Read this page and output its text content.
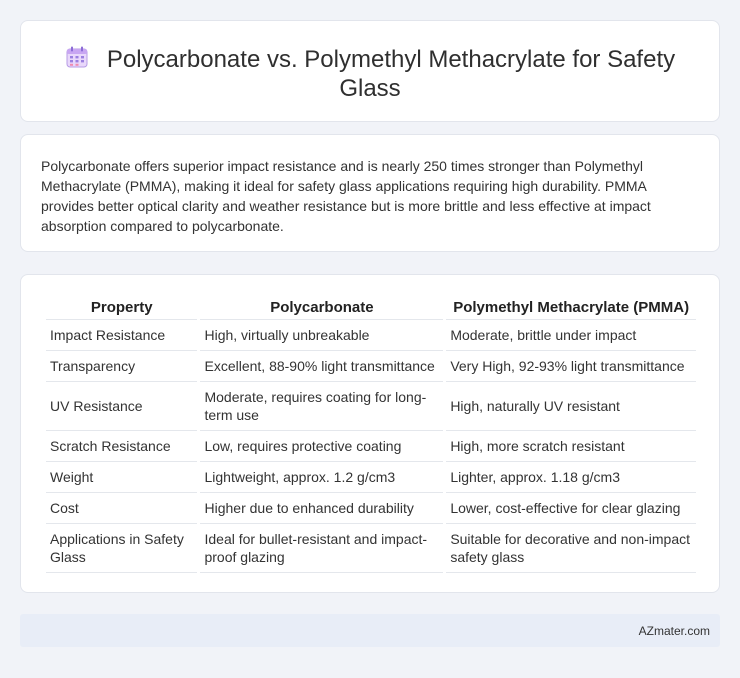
Polycarbonate vs. Polymethyl Methacrylate for Safety Glass

Polycarbonate offers superior impact resistance and is nearly 250 times stronger than Polymethyl Methacrylate (PMMA), making it ideal for safety glass applications requiring high durability. PMMA provides better optical clarity and weather resistance but is more brittle and less effective at impact absorption compared to polycarbonate.

Property	Polycarbonate	Polymethyl Methacrylate (PMMA)
Impact Resistance	High, virtually unbreakable	Moderate, brittle under impact
Transparency	Excellent, 88-90% light transmittance	Very High, 92-93% light transmittance
UV Resistance	Moderate, requires coating for long-term use	High, naturally UV resistant
Scratch Resistance	Low, requires protective coating	High, more scratch resistant
Weight	Lightweight, approx. 1.2 g/cm3	Lighter, approx. 1.18 g/cm3
Cost	Higher due to enhanced durability	Lower, cost-effective for clear glazing
Applications in Safety Glass	Ideal for bullet-resistant and impact-proof glazing	Suitable for decorative and non-impact safety glass
AZmater.com
